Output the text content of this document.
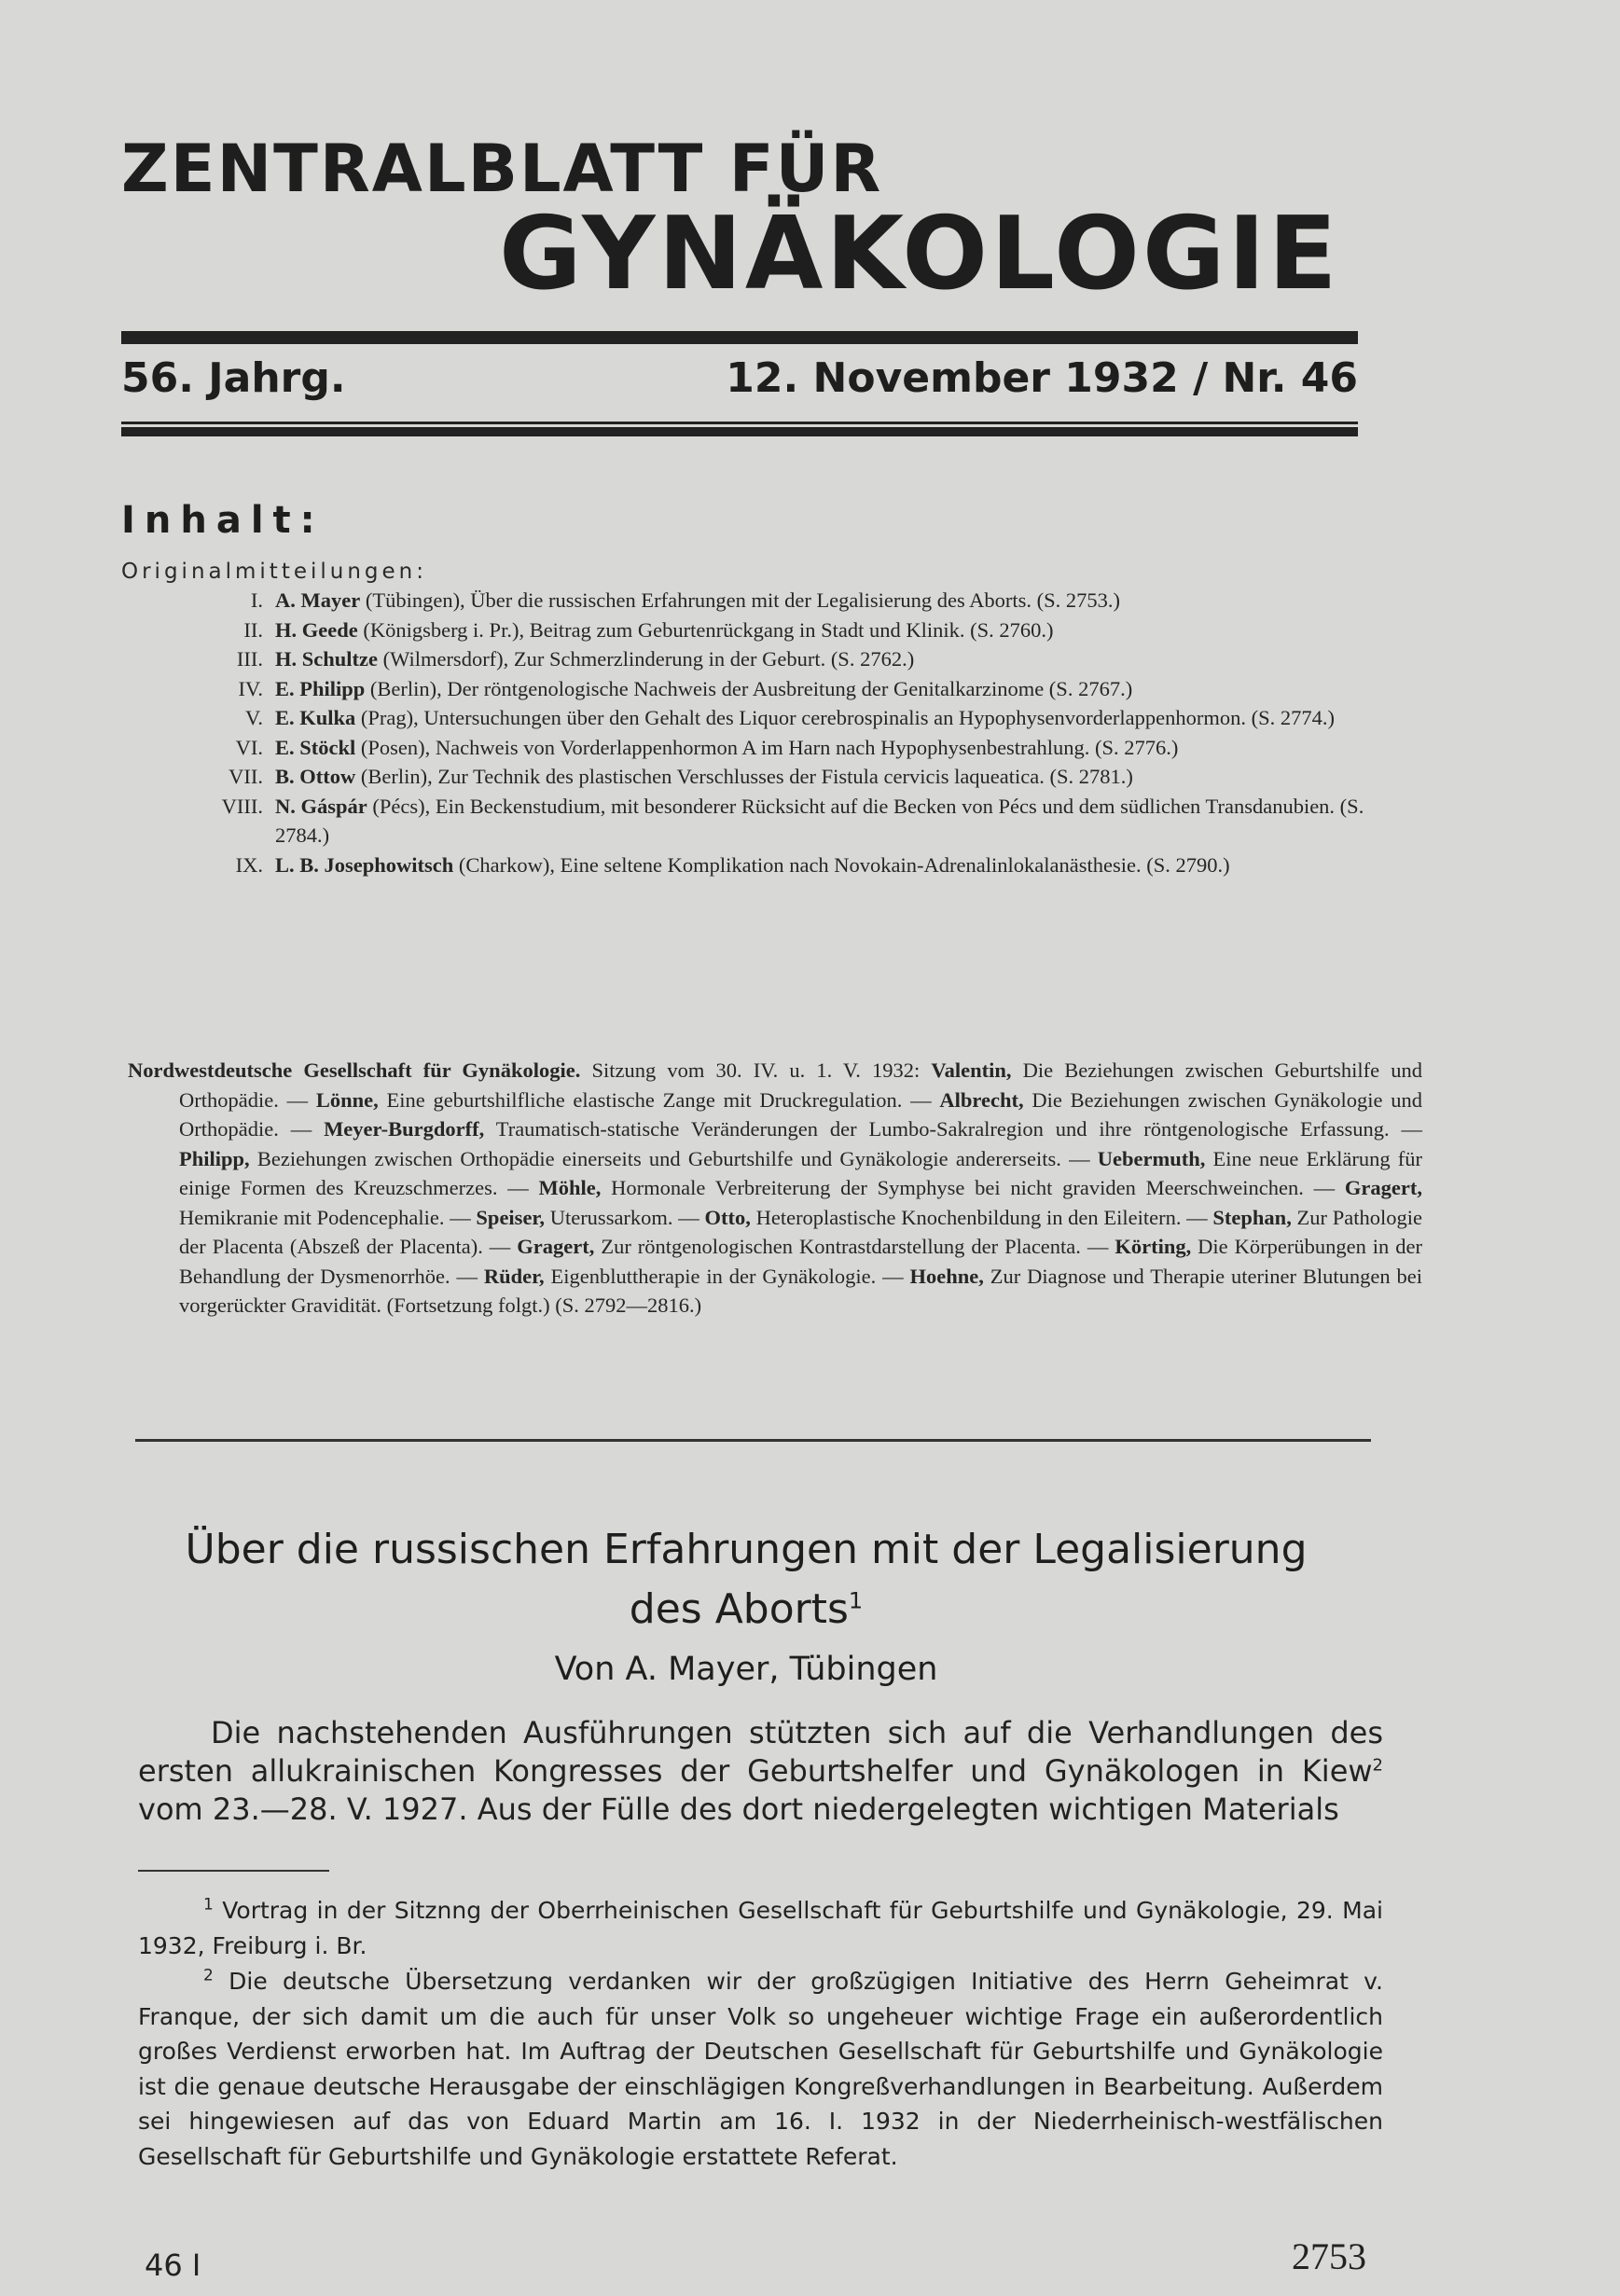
ZENTRALBLATT FÜR
GYNÄKOLOGIE
56. Jahrg.	12. November 1932 / Nr. 46
Inhalt:
Originalmitteilungen:
I. A. Mayer (Tübingen), Über die russischen Erfahrungen mit der Legalisierung des Aborts. (S. 2753.)
II. H. Geede (Königsberg i. Pr.), Beitrag zum Geburtenrückgang in Stadt und Klinik. (S. 2760.)
III. H. Schultze (Wilmersdorf), Zur Schmerzlinderung in der Geburt. (S. 2762.)
IV. E. Philipp (Berlin), Der röntgenologische Nachweis der Ausbreitung der Genitalkarzinome (S. 2767.)
V. E. Kulka (Prag), Untersuchungen über den Gehalt des Liquor cerebrospinalis an Hypophysenvorderlappenhormon. (S. 2774.)
VI. E. Stöckl (Posen), Nachweis von Vorderlappenhormon A im Harn nach Hypophysenbestrahlung. (S. 2776.)
VII. B. Ottow (Berlin), Zur Technik des plastischen Verschlusses der Fistula cervicis laqueatica. (S. 2781.)
VIII. N. Gáspár (Pécs), Ein Beckenstudium, mit besonderer Rücksicht auf die Becken von Pécs und dem südlichen Transdanubien. (S. 2784.)
IX. L. B. Josephowitsch (Charkow), Eine seltene Komplikation nach Novokain-Adrenalinlokalanästhesie. (S. 2790.)
Nordwestdeutsche Gesellschaft für Gynäkologie. Sitzung vom 30. IV. u. 1. V. 1932: Valentin, Die Beziehungen zwischen Geburtshilfe und Orthopädie. — Lönne, Eine geburtshilfliche elastische Zange mit Druckregulation. — Albrecht, Die Beziehungen zwischen Gynäkologie und Orthopädie. — Meyer-Burgdorff, Traumatisch-statische Veränderungen der Lumbo-Sakralregion und ihre röntgenologische Erfassung. — Philipp, Beziehungen zwischen Orthopädie einerseits und Geburtshilfe und Gynäkologie andererseits. — Uebermuth, Eine neue Erklärung für einige Formen des Kreuzschmerzes. — Möhle, Hormonale Verbreiterung der Symphyse bei nicht graviden Meerschweinchen. — Gragert, Hemikranie mit Podencephalie. — Speiser, Uterussarkom. — Otto, Heteroplastische Knochenbildung in den Eileitern. — Stephan, Zur Pathologie der Placenta (Abszeß der Placenta). — Gragert, Zur röntgenologischen Kontrastdarstellung der Placenta. — Körting, Die Körperübungen in der Behandlung der Dysmenorrhöe. — Rüder, Eigenbluttherapie in der Gynäkologie. — Hoehne, Zur Diagnose und Therapie uteriner Blutungen bei vorgerückter Gravidität. (Fortsetzung folgt.) (S. 2792—2816.)
Über die russischen Erfahrungen mit der Legalisierung
des Aborts$^1$
Von A. Mayer, Tübingen
Die nachstehenden Ausführungen stützten sich auf die Verhandlungen des ersten allukrainischen Kongresses der Geburtshelfer und Gynäkologen in Kiew$^2$ vom 23.—28. V. 1927. Aus der Fülle des dort niedergelegten wichtigen Materials
$^1$ Vortrag in der Sitznng der Oberrheinischen Gesellschaft für Geburtshilfe und Gynäkologie, 29. Mai 1932, Freiburg i. Br.
$^2$ Die deutsche Übersetzung verdanken wir der großzügigen Initiative des Herrn Geheimrat v. Franque, der sich damit um die auch für unser Volk so ungeheuer wichtige Frage ein außerordentlich großes Verdienst erworben hat. Im Auftrag der Deutschen Gesellschaft für Geburtshilfe und Gynäkologie ist die genaue deutsche Herausgabe der einschlägigen Kongreßverhandlungen in Bearbeitung. Außerdem sei hingewiesen auf das von Eduard Martin am 16. I. 1932 in der Niederrheinisch-westfälischen Gesellschaft für Geburtshilfe und Gynäkologie erstattete Referat.
46 I	2753
